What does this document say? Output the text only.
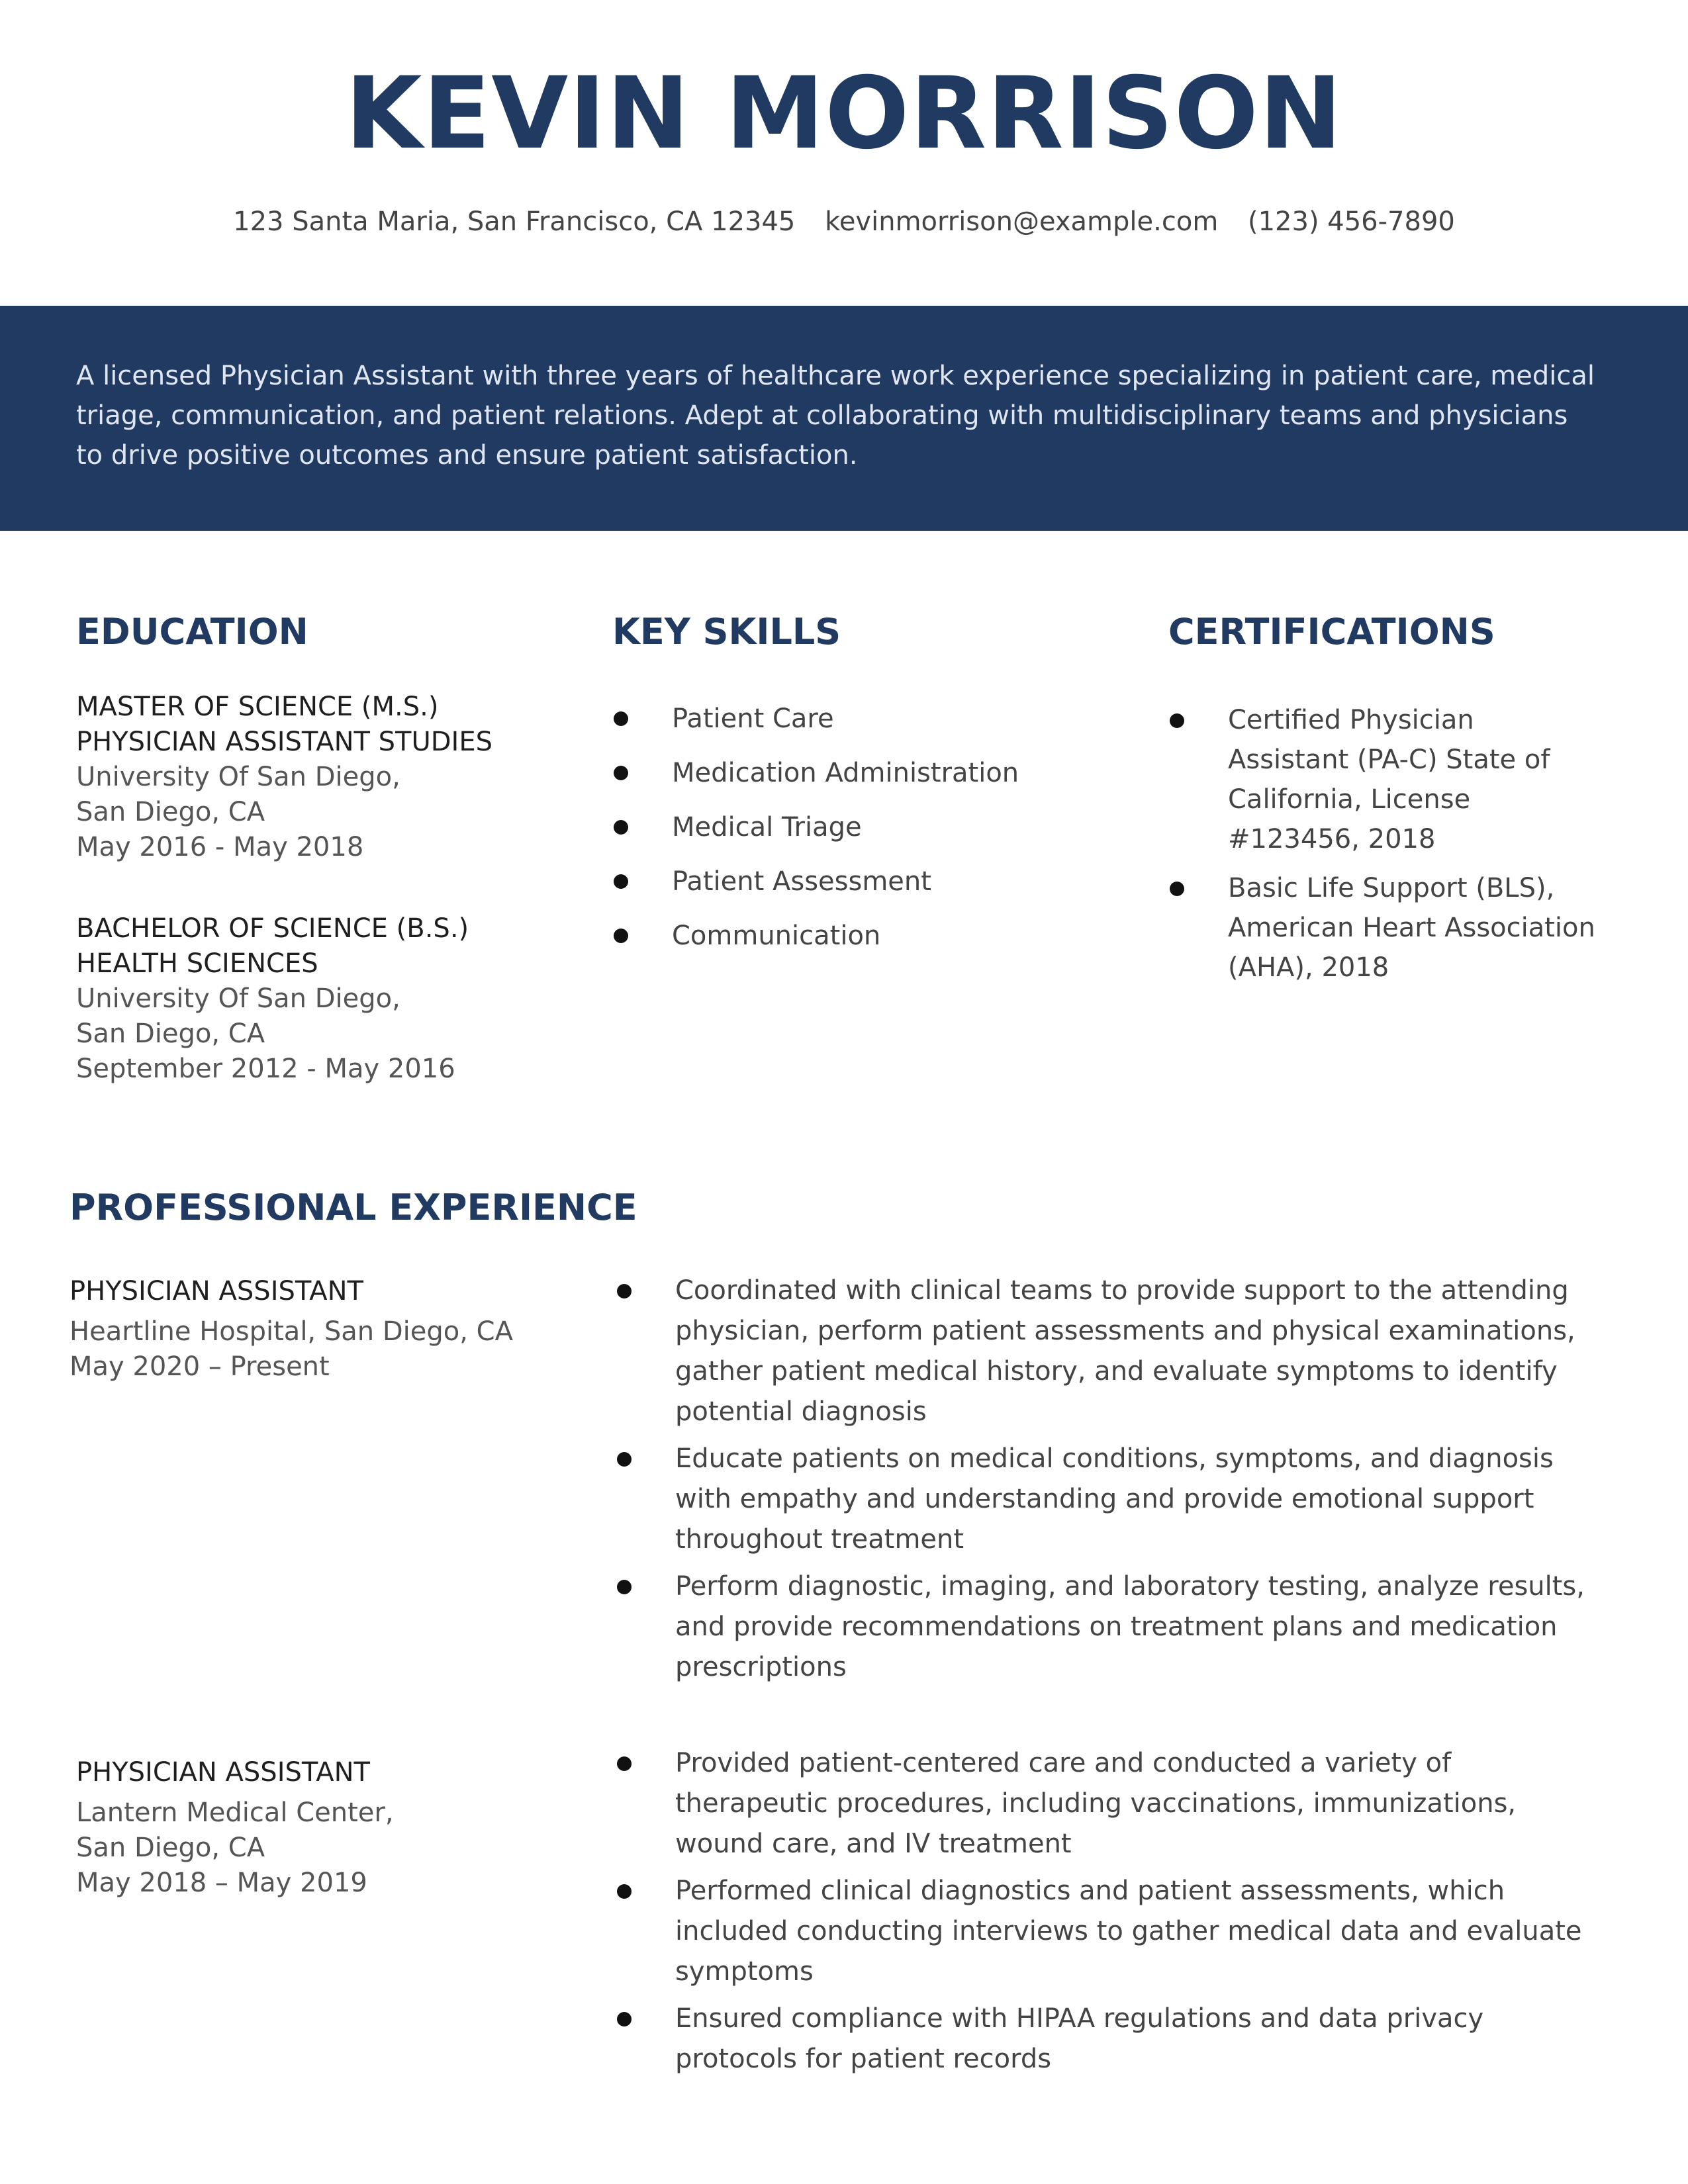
KEVIN MORRISON
123 Santa Maria, San Francisco, CA 12345 kevinmorrison@example.com (123) 456-7890
A licensed Physician Assistant with three years of healthcare work experience specializing in patient care, medical triage, communication, and patient relations. Adept at collaborating with multidisciplinary teams and physicians to drive positive outcomes and ensure patient satisfaction.
EDUCATION
MASTER OF SCIENCE (M.S.)
PHYSICIAN ASSISTANT STUDIES
University Of San Diego,
San Diego, CA
May 2016 - May 2018
BACHELOR OF SCIENCE (B.S.)
HEALTH SCIENCES
University Of San Diego,
San Diego, CA
September 2012 - May 2016
KEY SKILLS
Patient Care
Medication Administration
Medical Triage
Patient Assessment
Communication
CERTIFICATIONS
Certified Physician Assistant (PA-C) State of California, License #123456, 2018
Basic Life Support (BLS), American Heart Association (AHA), 2018
PROFESSIONAL EXPERIENCE
PHYSICIAN ASSISTANT
Heartline Hospital, San Diego, CA
May 2020 – Present
Coordinated with clinical teams to provide support to the attending physician, perform patient assessments and physical examinations, gather patient medical history, and evaluate symptoms to identify potential diagnosis
Educate patients on medical conditions, symptoms, and diagnosis with empathy and understanding and provide emotional support throughout treatment
Perform diagnostic, imaging, and laboratory testing, analyze results, and provide recommendations on treatment plans and medication prescriptions
PHYSICIAN ASSISTANT
Lantern Medical Center,
San Diego, CA
May 2018 – May 2019
Provided patient-centered care and conducted a variety of therapeutic procedures, including vaccinations, immunizations, wound care, and IV treatment
Performed clinical diagnostics and patient assessments, which included conducting interviews to gather medical data and evaluate symptoms
Ensured compliance with HIPAA regulations and data privacy protocols for patient records
